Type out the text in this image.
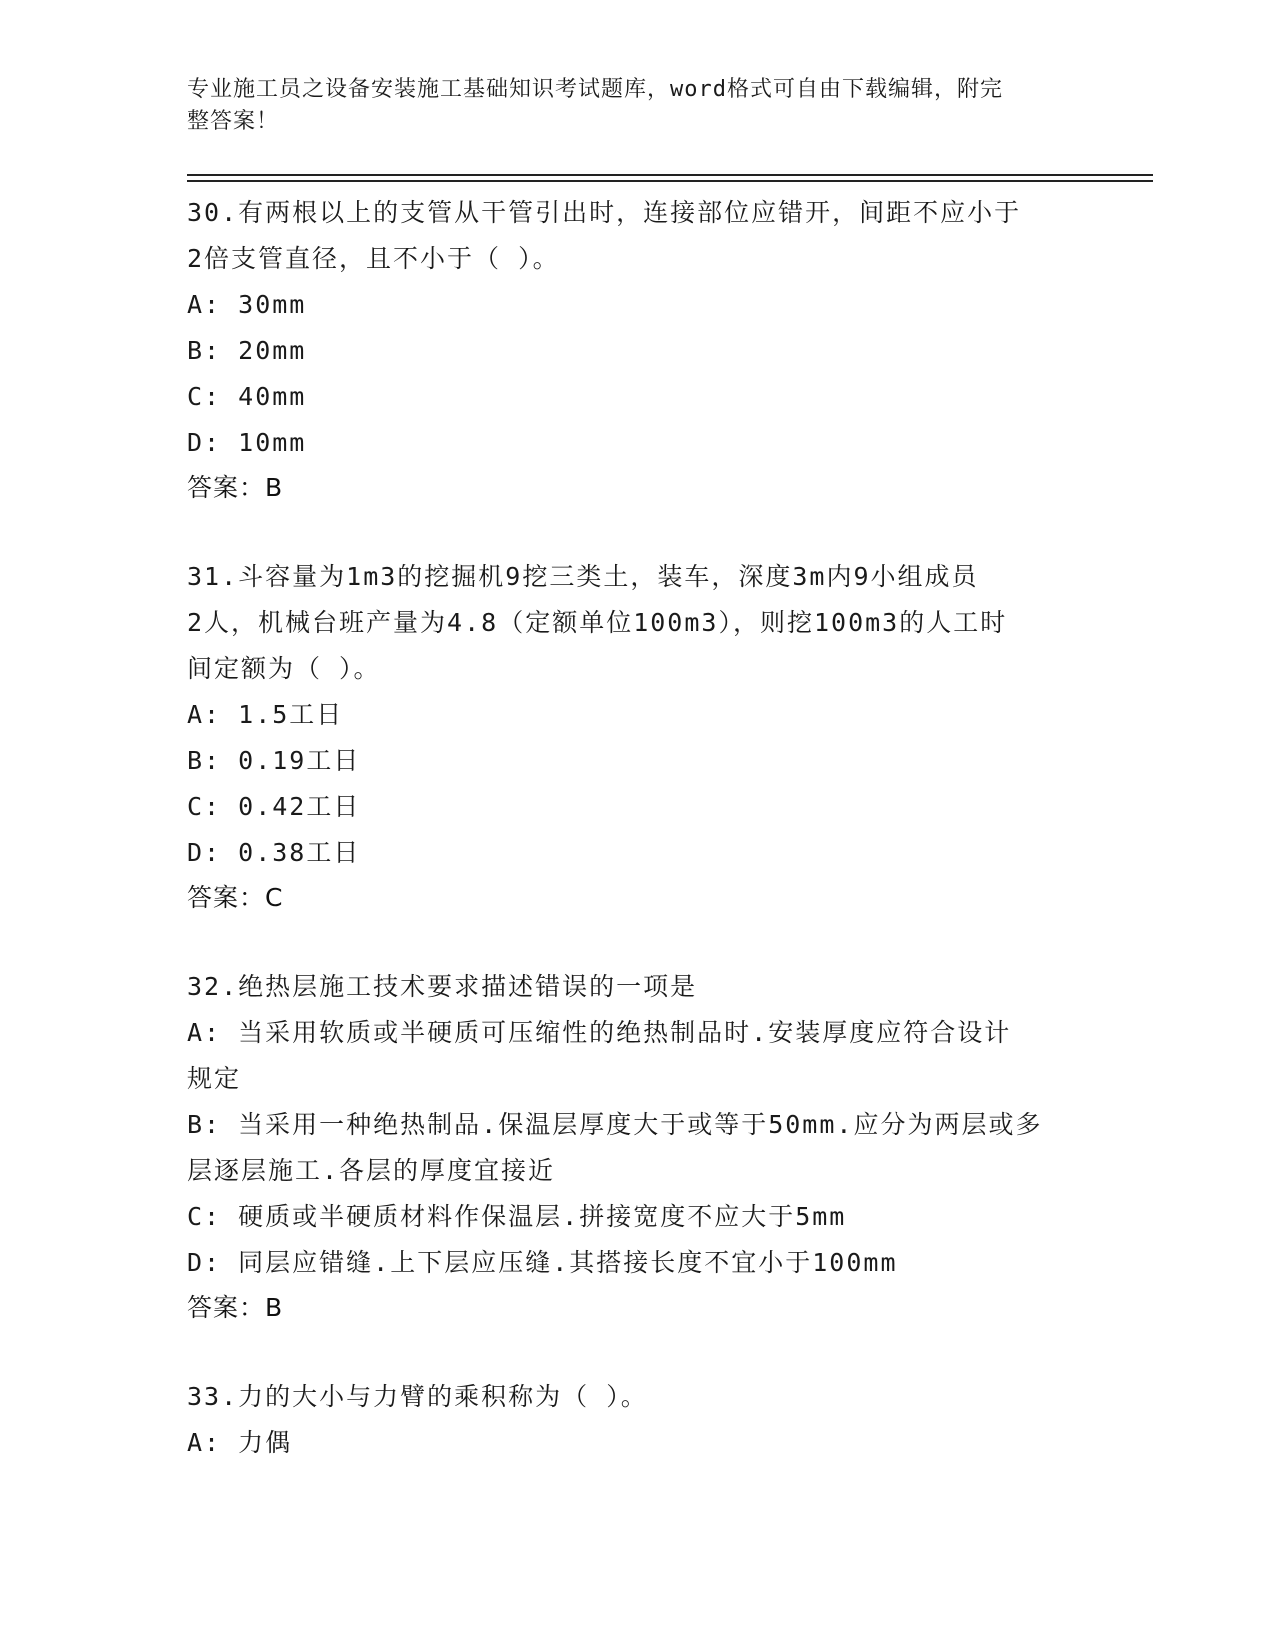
专业施工员之设备安装施工基础知识考试题库，word格式可自由下载编辑，附完
整答案！

30.有两根以上的支管从干管引出时，连接部位应错开，间距不应小于

2倍支管直径，且不小于（ ）。

A: 30mm

B: 20mm

C: 40mm

D: 10mm

答案：B

31.斗容量为1m3的挖掘机9挖三类土，装车，深度3m内9小组成员

2人，机械台班产量为4.8（定额单位100m3），则挖100m3的人工时

间定额为（ ）。

A: 1.5工日

B: 0.19工日

C: 0.42工日

D: 0.38工日

答案：C

32.绝热层施工技术要求描述错误的一项是

A: 当采用软质或半硬质可压缩性的绝热制品时.安装厚度应符合设计

规定

B: 当采用一种绝热制品.保温层厚度大于或等于50mm.应分为两层或多

层逐层施工.各层的厚度宜接近

C: 硬质或半硬质材料作保温层.拼接宽度不应大于5mm

D: 同层应错缝.上下层应压缝.其搭接长度不宜小于100mm

答案：B

33.力的大小与力臂的乘积称为（ ）。

A: 力偶
